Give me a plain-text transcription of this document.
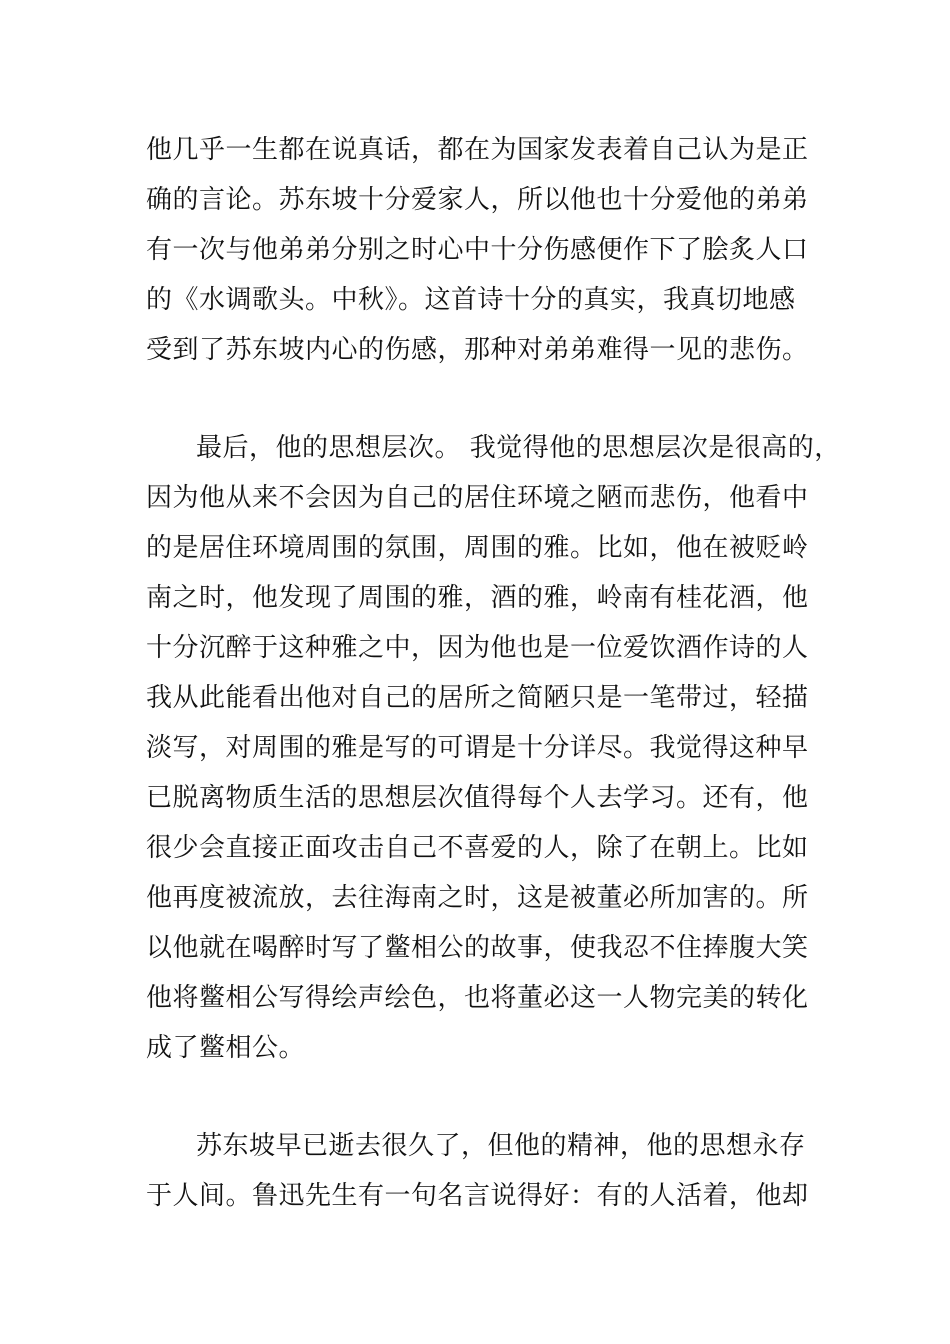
他几乎一生都在说真话，都在为国家发表着自己认为是正
确的言论。苏东坡十分爱家人，所以他也十分爱他的弟弟
有一次与他弟弟分别之时心中十分伤感便作下了脍炙人口
的《水调歌头。中秋》。这首诗十分的真实，我真切地感
受到了苏东坡内心的伤感，那种对弟弟难得一见的悲伤。
最后，他的思想层次。 我觉得他的思想层次是很高的，
因为他从来不会因为自己的居住环境之陋而悲伤，他看中
的是居住环境周围的氛围，周围的雅。比如，他在被贬岭
南之时，他发现了周围的雅，酒的雅，岭南有桂花酒，他
十分沉醉于这种雅之中，因为他也是一位爱饮酒作诗的人
我从此能看出他对自己的居所之简陋只是一笔带过，轻描
淡写，对周围的雅是写的可谓是十分详尽。我觉得这种早
已脱离物质生活的思想层次值得每个人去学习。还有，他
很少会直接正面攻击自己不喜爱的人，除了在朝上。比如
他再度被流放，去往海南之时，这是被董必所加害的。所
以他就在喝醉时写了鳖相公的故事，使我忍不住捧腹大笑
他将鳖相公写得绘声绘色，也将董必这一人物完美的转化
成了鳖相公。
苏东坡早已逝去很久了，但他的精神，他的思想永存
于人间。鲁迅先生有一句名言说得好：有的人活着，他却
